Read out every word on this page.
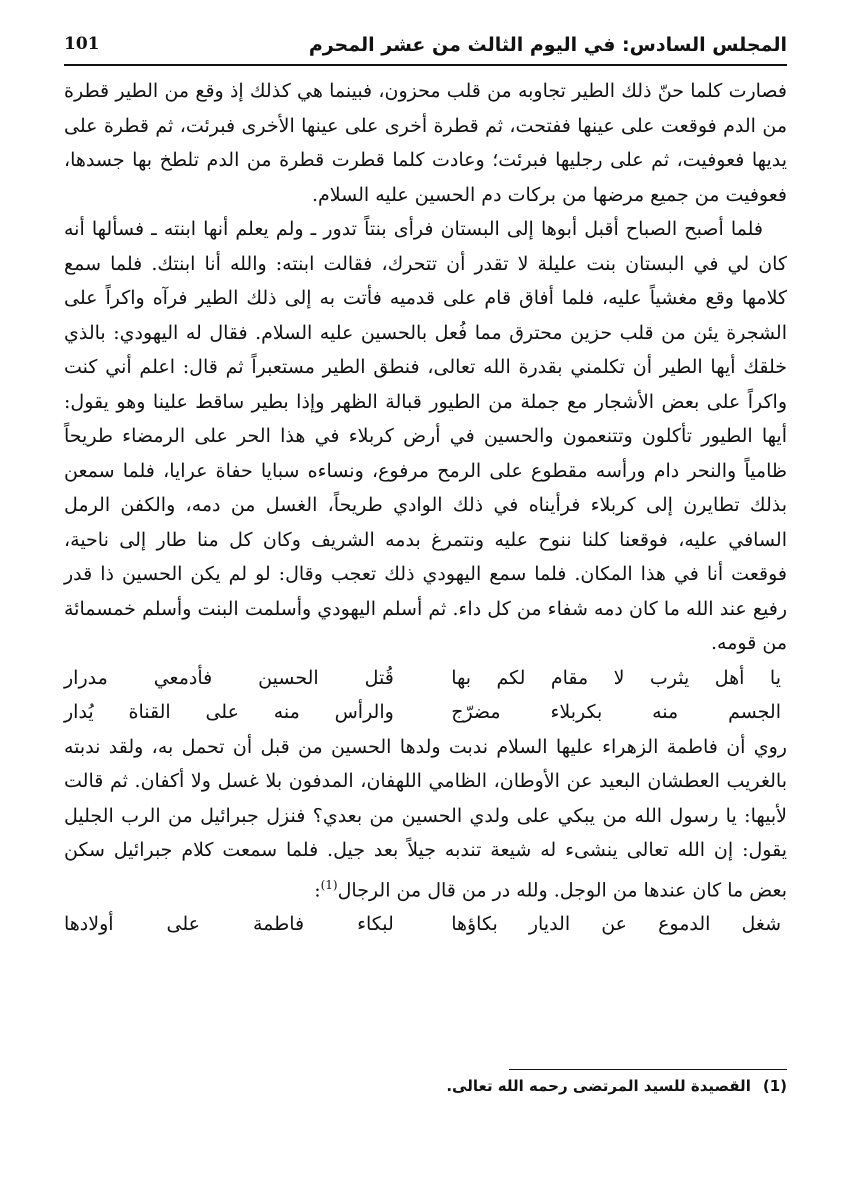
المجلس السادس: في اليوم الثالث من عشر المحرم
101

فصارت كلما حنّ ذلك الطير تجاوبه من قلب محزون، فبينما هي كذلك إذ وقع من الطير قطرة من الدم فوقعت على عينها ففتحت، ثم قطرة أخرى على عينها الأخرى فبرئت، ثم قطرة على يديها فعوفيت، ثم على رجليها فبرئت؛ وعادت كلما قطرت قطرة من الدم تلطخ بها جسدها، فعوفيت من جميع مرضها من بركات دم الحسين عليه السلام.

فلما أصبح الصباح أقبل أبوها إلى البستان فرأى بنتاً تدور ـ ولم يعلم أنها ابنته ـ فسألها أنه كان لي في البستان بنت عليلة لا تقدر أن تتحرك، فقالت ابنته: والله أنا ابنتك. فلما سمع كلامها وقع مغشياً عليه، فلما أفاق قام على قدميه فأتت به إلى ذلك الطير فرآه واكراً على الشجرة يئن من قلب حزين محترق مما فُعل بالحسين عليه السلام. فقال له اليهودي: بالذي خلقك أيها الطير أن تكلمني بقدرة الله تعالى، فنطق الطير مستعبراً ثم قال: اعلم أني كنت واكراً على بعض الأشجار مع جملة من الطيور قبالة الظهر وإذا بطير ساقط علينا وهو يقول: أيها الطيور تأكلون وتتنعمون والحسين في أرض كربلاء في هذا الحر على الرمضاء طريحاً ظامياً والنحر دام ورأسه مقطوع على الرمح مرفوع، ونساءه سبايا حفاة عرايا، فلما سمعن بذلك تطايرن إلى كربلاء فرأيناه في ذلك الوادي طريحاً، الغسل من دمه، والكفن الرمل السافي عليه، فوقعنا كلنا ننوح عليه ونتمرغ بدمه الشريف وكان كل منا طار إلى ناحية، فوقعت أنا في هذا المكان. فلما سمع اليهودي ذلك تعجب وقال: لو لم يكن الحسين ذا قدر رفيع عند الله ما كان دمه شفاء من كل داء. ثم أسلم اليهودي وأسلمت البنت وأسلم خمسمائة من قومه.

يا أهل يثرب لا مقام لكم بها
قُتل الحسين فأدمعي مدرار
الجسم منه بكربلاء مضرّج
والرأس منه على القناة يُدار

روي أن فاطمة الزهراء عليها السلام ندبت ولدها الحسين من قبل أن تحمل به، ولقد ندبته بالغريب العطشان البعيد عن الأوطان، الظامي اللهفان، المدفون بلا غسل ولا أكفان. ثم قالت لأبيها: يا رسول الله من يبكي على ولدي الحسين من بعدي؟ فنزل جبرائيل من الرب الجليل يقول: إن الله تعالى ينشىء له شيعة تندبه جيلاً بعد جيل. فلما سمعت كلام جبرائيل سكن بعض ما كان عندها من الوجل. ولله در من قال من الرجال$^{(1)}$:

شغل الدموع عن الديار بكاؤها
لبكاء فاطمة على أولادها
(1)القصيدة للسيد المرتضى رحمه الله تعالى.
